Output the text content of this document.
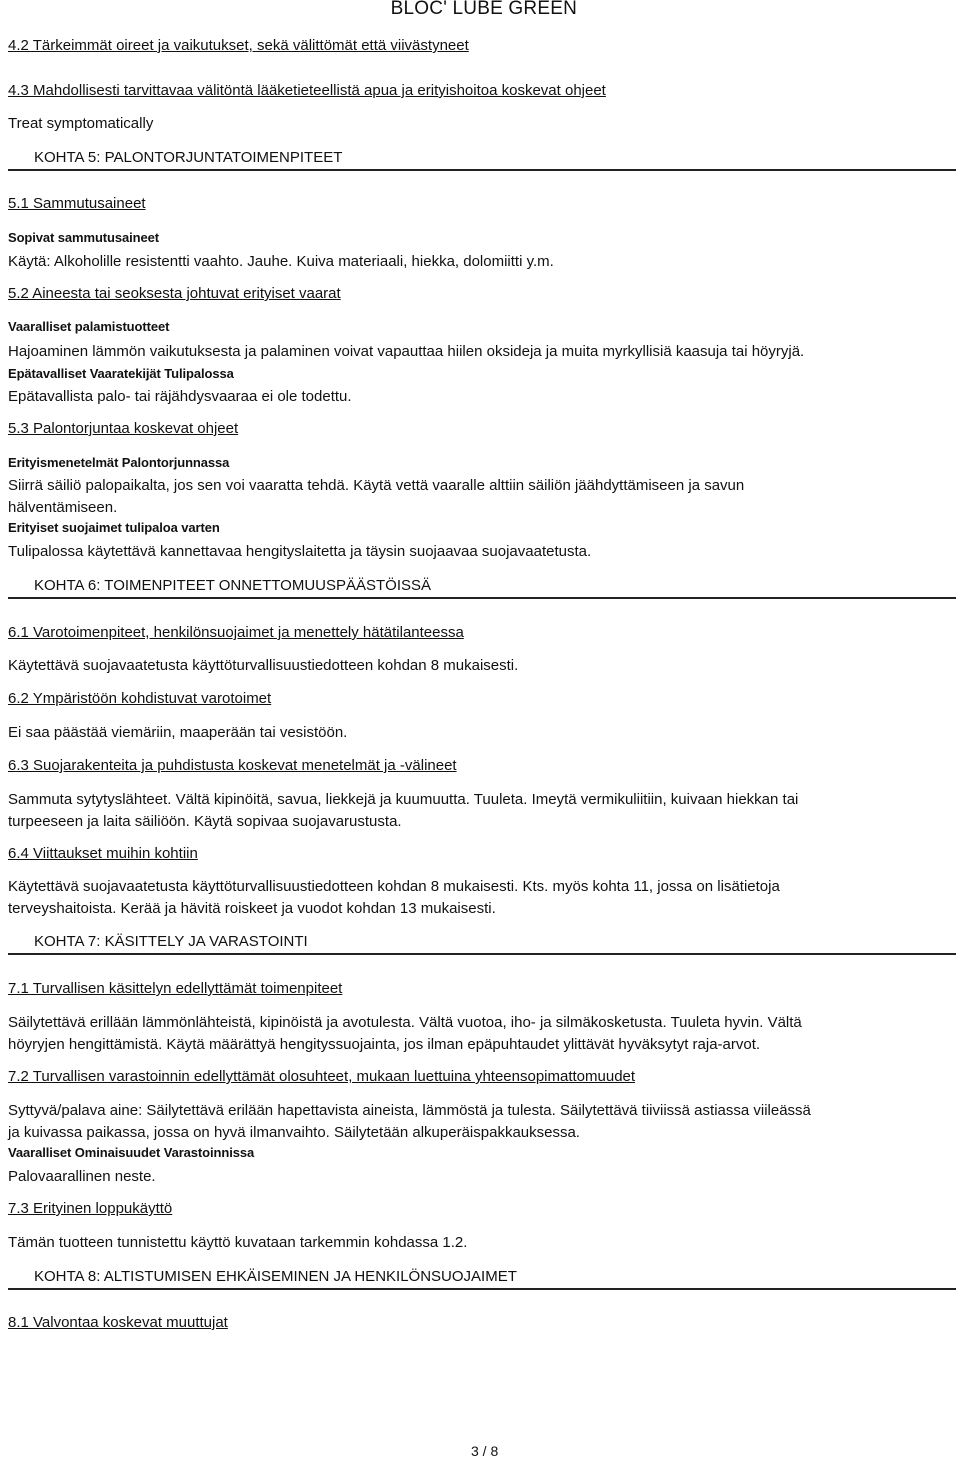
BLOC' LUBE GREEN
4.2 Tärkeimmät oireet ja vaikutukset, sekä välittömät että viivästyneet
4.3 Mahdollisesti tarvittavaa välitöntä lääketieteellistä apua ja erityishoitoa koskevat ohjeet
Treat symptomatically
KOHTA 5: PALONTORJUNTATOIMENPITEET
5.1 Sammutusaineet
Sopivat sammutusaineet
Käytä: Alkoholille resistentti vaahto. Jauhe. Kuiva materiaali, hiekka, dolomiitti y.m.
5.2 Aineesta tai seoksesta johtuvat erityiset vaarat
Vaaralliset palamistuotteet
Hajoaminen lämmön vaikutuksesta ja palaminen voivat vapauttaa hiilen oksideja ja muita myrkyllisiä kaasuja tai höyryjä.
Epätavalliset Vaaratekijät Tulipalossa
Epätavallista palo- tai räjähdysvaaraa ei ole todettu.
5.3 Palontorjuntaa koskevat ohjeet
Erityismenetelmät Palontorjunnassa
Siirrä säiliö palopaikalta, jos sen voi vaaratta tehdä. Käytä vettä vaaralle alttiin säiliön jäähdyttämiseen ja savun
hälventämiseen.
Erityiset suojaimet tulipaloa varten
Tulipalossa käytettävä kannettavaa hengityslaitetta ja täysin suojaavaa suojavaatetusta.
KOHTA 6: TOIMENPITEET ONNETTOMUUSPÄÄSTÖISSÄ
6.1 Varotoimenpiteet, henkilönsuojaimet ja menettely hätätilanteessa
Käytettävä suojavaatetusta käyttöturvallisuustiedotteen kohdan 8 mukaisesti.
6.2 Ympäristöön kohdistuvat varotoimet
Ei saa päästää viemäriin, maaperään tai vesistöön.
6.3 Suojarakenteita ja puhdistusta koskevat menetelmät ja -välineet
Sammuta sytytyslähteet. Vältä kipinöitä, savua, liekkejä ja kuumuutta. Tuuleta. Imeytä vermikuliitiin, kuivaan hiekkan tai
turpeeseen ja laita säiliöön. Käytä sopivaa suojavarustusta.
6.4 Viittaukset muihin kohtiin
Käytettävä suojavaatetusta käyttöturvallisuustiedotteen kohdan 8 mukaisesti. Kts. myös kohta 11, jossa on lisätietoja
terveyshaitoista. Kerää ja hävitä roiskeet ja vuodot kohdan 13 mukaisesti.
KOHTA 7: KÄSITTELY JA VARASTOINTI
7.1 Turvallisen käsittelyn edellyttämät toimenpiteet
Säilytettävä erillään lämmönlähteistä, kipinöistä ja avotulesta. Vältä vuotoa, iho- ja silmäkosketusta. Tuuleta hyvin. Vältä
höyryjen hengittämistä. Käytä määrättyä hengityssuojainta, jos ilman epäpuhtaudet ylittävät hyväksytyt raja-arvot.
7.2 Turvallisen varastoinnin edellyttämät olosuhteet, mukaan luettuina yhteensopimattomuudet
Syttyvä/palava aine: Säilytettävä erilään hapettavista aineista, lämmöstä ja tulesta. Säilytettävä tiiviissä astiassa viileässä
ja kuivassa paikassa, jossa on hyvä ilmanvaihto. Säilytetään alkuperäispakkauksessa.
Vaaralliset Ominaisuudet Varastoinnissa
Palovaarallinen neste.
7.3 Erityinen loppukäyttö
Tämän tuotteen tunnistettu käyttö kuvataan tarkemmin kohdassa 1.2.
KOHTA 8: ALTISTUMISEN EHKÄISEMINEN JA HENKILÖNSUOJAIMET
8.1 Valvontaa koskevat muuttujat
3 / 8
